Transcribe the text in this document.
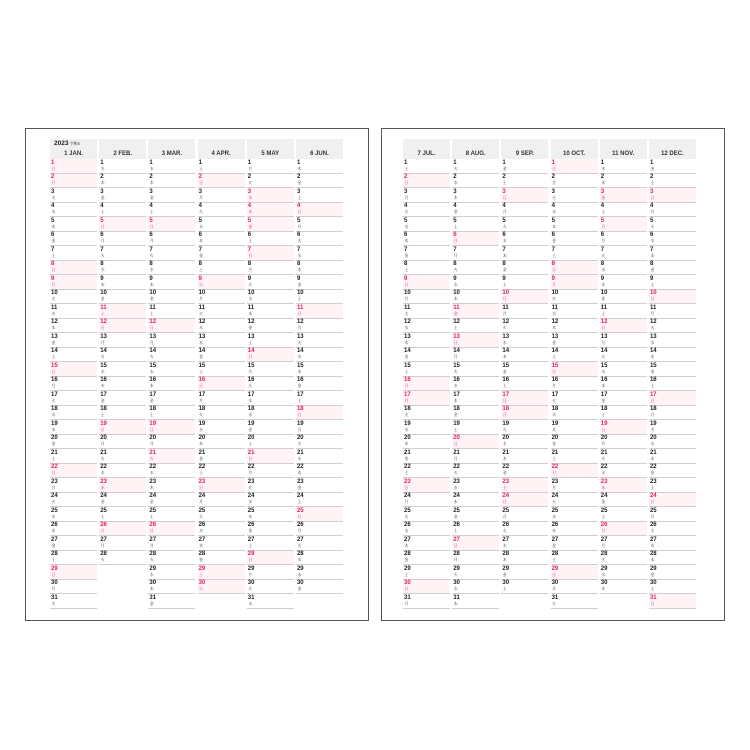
2023令和5
1 JAN.
1
日
2
月
3
火
4
水
5
木
6
金
7
土
8
日
9
月
10
火
11
水
12
木
13
金
14
土
15
日
16
月
17
火
18
水
19
木
20
金
21
土
22
日
23
月
24
火
25
水
26
木
27
金
28
土
29
日
30
月
31
火
2 FEB.
1
水
2
木
3
金
4
土
5
日
6
月
7
火
8
水
9
木
10
金
11
土
12
日
13
月
14
火
15
水
16
木
17
金
18
土
19
日
20
月
21
火
22
水
23
木
24
金
25
土
26
日
27
月
28
火
3 MAR.
1
水
2
木
3
金
4
土
5
日
6
月
7
火
8
水
9
木
10
金
11
土
12
日
13
月
14
火
15
水
16
木
17
金
18
土
19
日
20
月
21
火
22
水
23
木
24
金
25
土
26
日
27
月
28
火
29
水
30
木
31
金
4 APR.
1
土
2
日
3
月
4
火
5
水
6
木
7
金
8
土
9
日
10
月
11
火
12
水
13
木
14
金
15
土
16
日
17
月
18
火
19
水
20
木
21
金
22
土
23
日
24
月
25
火
26
水
27
木
28
金
29
土
30
日
5 MAY
1
月
2
火
3
水
4
木
5
金
6
土
7
日
8
月
9
火
10
水
11
木
12
金
13
土
14
日
15
月
16
火
17
水
18
木
19
金
20
土
21
日
22
月
23
火
24
水
25
木
26
金
27
土
28
日
29
月
30
火
31
水
6 JUN.
1
木
2
金
3
土
4
日
5
月
6
火
7
水
8
木
9
金
10
土
11
日
12
月
13
火
14
水
15
木
16
金
17
土
18
日
19
月
20
火
21
水
22
木
23
金
24
土
25
日
26
月
27
火
28
水
29
木
30
金
7 JUL.
1
土
2
日
3
月
4
火
5
水
6
木
7
金
8
土
9
日
10
月
11
火
12
水
13
木
14
金
15
土
16
日
17
月
18
火
19
水
20
木
21
金
22
土
23
日
24
月
25
火
26
水
27
木
28
金
29
土
30
日
31
月
8 AUG.
1
火
2
水
3
木
4
金
5
土
6
日
7
月
8
火
9
水
10
木
11
金
12
土
13
日
14
月
15
火
16
水
17
木
18
金
19
土
20
日
21
月
22
火
23
水
24
木
25
金
26
土
27
日
28
月
29
火
30
水
31
木
9 SEP.
1
金
2
土
3
日
4
月
5
火
6
水
7
木
8
金
9
土
10
日
11
月
12
火
13
水
14
木
15
金
16
土
17
日
18
月
19
火
20
水
21
木
22
金
23
土
24
日
25
月
26
火
27
水
28
木
29
金
30
土
10 OCT.
1
日
2
月
3
火
4
水
5
木
6
金
7
土
8
日
9
月
10
火
11
水
12
木
13
金
14
土
15
日
16
月
17
火
18
水
19
木
20
金
21
土
22
日
23
月
24
火
25
水
26
木
27
金
28
土
29
日
30
月
31
火
11 NOV.
1
水
2
木
3
金
4
土
5
日
6
月
7
火
8
水
9
木
10
金
11
土
12
日
13
月
14
火
15
水
16
木
17
金
18
土
19
日
20
月
21
火
22
水
23
木
24
金
25
土
26
日
27
月
28
火
29
水
30
木
12 DEC.
1
金
2
土
3
日
4
月
5
火
6
水
7
木
8
金
9
土
10
日
11
月
12
火
13
水
14
木
15
金
16
土
17
日
18
月
19
火
20
水
21
木
22
金
23
土
24
日
25
月
26
火
27
水
28
木
29
金
30
土
31
日
